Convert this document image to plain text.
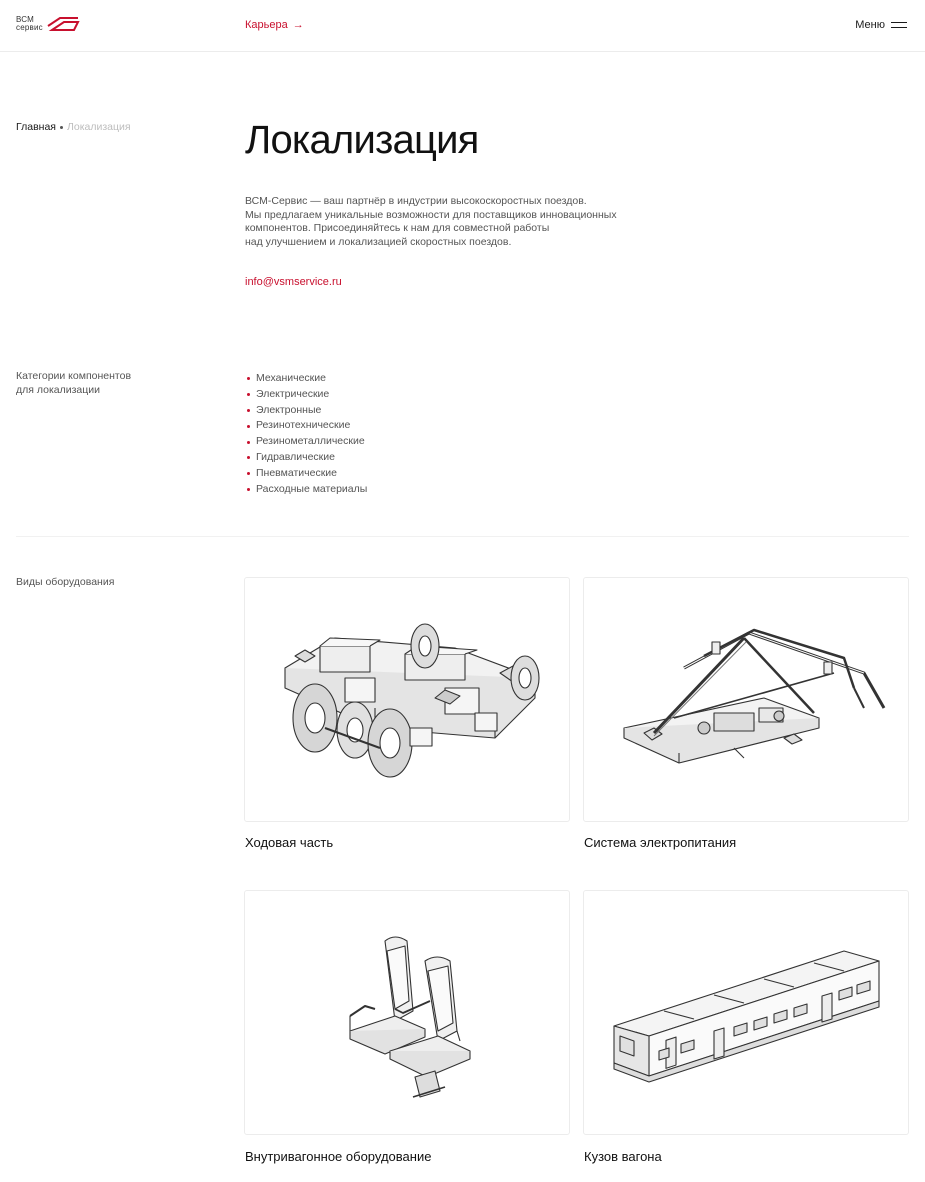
ВСМ
сервис	Карьера →	Меню
Главная Локализация	Локализация

ВСМ-Сервис — ваш партнёр в индустрии высокоскоростных поездов.

Мы предлагаем уникальные возможности для поставщиков инновационных

компонентов. Присоединяйтесь к нам для совместной работы

над улучшением и локализацией скоростных поездов.

info@vsmservice.ru
Категории компонентов
для локализации
Механические
Электрические
Электронные
Резинотехнические
Резинометаллические
Гидравлические
Пневматические
Расходные материалы
Виды оборудования
Ходовая часть	Система электропитания
Внутривагонное оборудование	Кузов вагона
